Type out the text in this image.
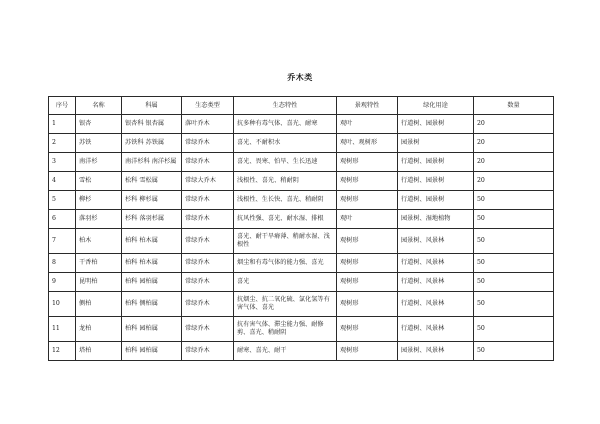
乔木类
序号	名称	科属	生态类型	生态特性	景观特性	绿化用途	数量
1	银杏	银杏科 银杏属	落叶乔木	抗多种有毒气体、喜光、耐寒	观叶	行道树、园景树	20
2	苏铁	苏铁科 苏铁属	常绿乔木	喜光、不耐积水	观叶、观树形	园景树	20
3	南洋杉	南洋杉科 南洋杉属	常绿乔木	喜光、畏寒、怕旱、生长迅速	观树形	行道树、园景树	20
4	雪松	松科 雪松属	常绿大乔木	浅根性、喜光、稍耐阴	观树形	行道树、园景树	20
5	柳杉	杉科 柳杉属	常绿乔木	浅根性、生长快、喜光、稍耐阴	观树形	行道树、园景树	50
6	落羽杉	杉科 落羽杉属	常绿乔木	抗风性强、喜光、耐水湿、排根	观叶	园景树、湿地植物	50
7	柏木	柏科 柏木属	常绿乔木	喜光、耐干旱瘠薄、稍耐水湿、浅根性	观树形	园景树、风景林	50
8	干香柏	柏科 柏木属	常绿乔木	烟尘和有毒气体的能力强、喜光	观树形	行道树、风景林	50
9	昆明柏	柏科 园柏属	常绿乔木	喜光	观树形	行道树、风景林	50
10	侧柏	柏科 侧柏属	常绿乔木	抗烟尘、抗二氧化硫、氯化氢等有害气体、喜光	观树形	行道树、风景林	50
11	龙柏	柏科 园柏属	常绿乔木	抗有害气体、滞尘能力强、耐修剪、喜光、稍耐阴	观树形	行道树、风景林	50
12	塔柏	柏科 园柏属	常绿乔木	耐寒、喜光、耐干	观树形	园景树、风景林	50
